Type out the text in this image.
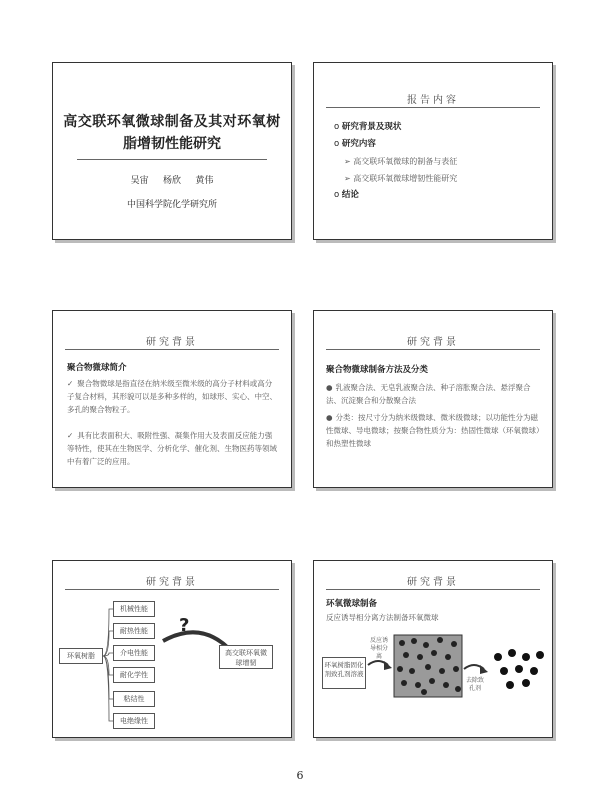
高交联环氧微球制备及其对环氧树
脂增韧性能研究
吴宙 杨欣 黄伟
中国科学院化学研究所
报告内容
o 研究背景及现状
o 研究内容
➢ 高交联环氧微球的制备与表征
➢ 高交联环氧微球增韧性能研究
o 结论
研究背景
聚合物微球简介
✓ 聚合物微球是指直径在纳米级至微米级的高分子材料或高分子复合材料，其形貌可以是多种多样的，如球形、实心、中空、多孔的聚合物粒子。
✓ 具有比表面积大、吸附性强、凝集作用大及表面反应能力强等特性，使其在生物医学、分析化学、催化剂、生物医药等领域中有着广泛的应用。
研究背景
聚合物微球制备方法及分类
● 乳液聚合法、无皂乳液聚合法、种子溶胀聚合法、悬浮聚合法、沉淀聚合和分散聚合法
● 分类：按尺寸分为纳米级微球、微米级微球；以功能性分为磁性微球、导电微球；按聚合物性质分为：热固性微球（环氧微球）和热塑性微球
研究背景
环氧树脂
机械性能
耐热性能
介电性能
耐化学性
粘结性
电绝缘性
?
高交联环氧微球增韧
研究背景
环氧微球制备
反应诱导相分离方法制备环氧微球
环氧树脂固化剂致孔剂溶液
反应诱导相分离
去除致孔剂
6
